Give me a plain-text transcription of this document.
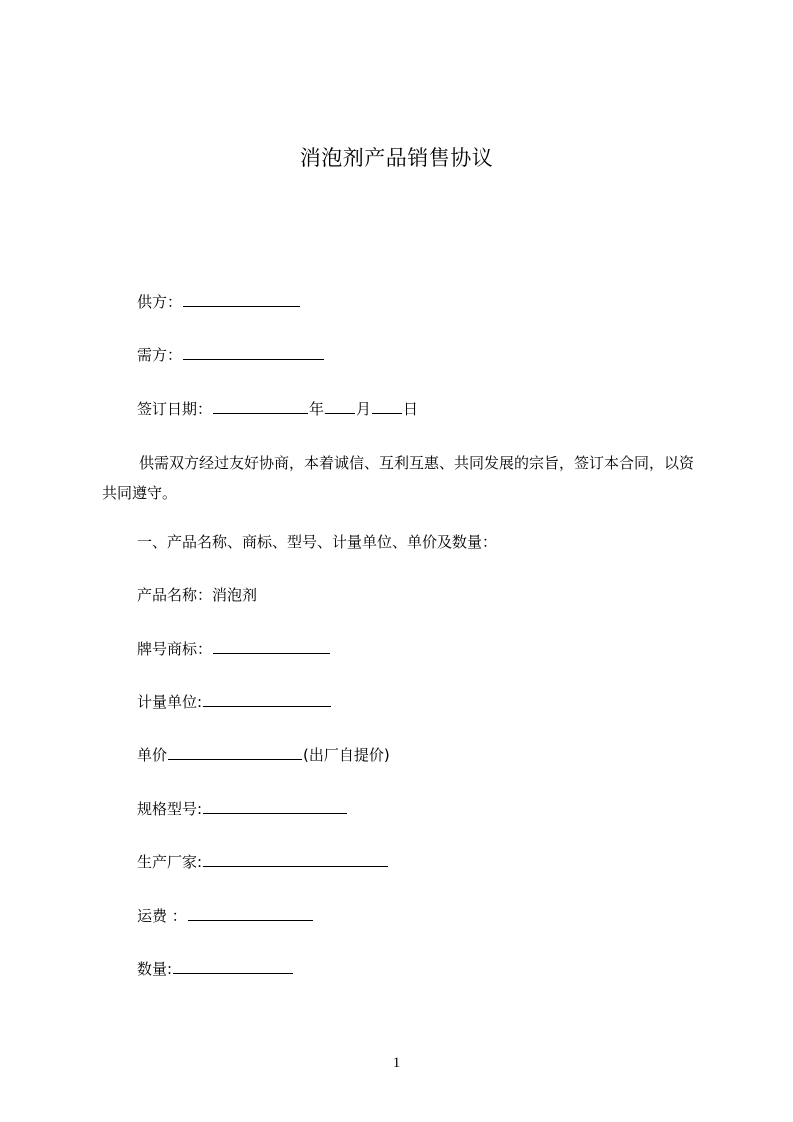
消泡剂产品销售协议
供方：
需方：
签订日期：	年 月 日
供需双方经过友好协商，本着诚信、互利互惠、共同发展的宗旨，签订本合同，以资共同遵守。
一、产品名称、商标、型号、计量单位、单价及数量：
产品名称：消泡剂
牌号商标：
计量单位:
单价	(出厂自提价)
规格型号:
生产厂家:
运费 ：
数量:
1
